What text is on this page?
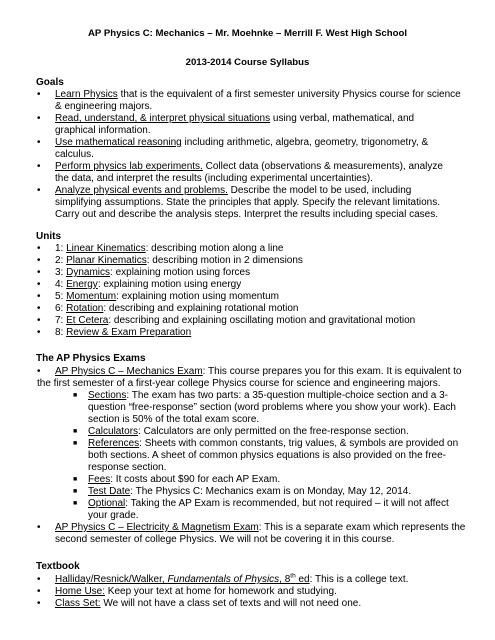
AP Physics C: Mechanics – Mr. Moehnke – Merrill F. West High School
2013-2014 Course Syllabus
Goals
• Learn Physics that is the equivalent of a first semester university Physics course for science
& engineering majors.
• Read, understand, & interpret physical situations using verbal, mathematical, and
graphical information.
• Use mathematical reasoning including arithmetic, algebra, geometry, trigonometry, &
calculus.
• Perform physics lab experiments. Collect data (observations & measurements), analyze
the data, and interpret the results (including experimental uncertainties).
• Analyze physical events and problems. Describe the model to be used, including
simplifying assumptions. State the principles that apply. Specify the relevant limitations.
Carry out and describe the analysis steps. Interpret the results including special cases.
Units
• 1: Linear Kinematics: describing motion along a line
• 2: Planar Kinematics: describing motion in 2 dimensions
• 3: Dynamics: explaining motion using forces
• 4: Energy: explaining motion using energy
• 5: Momentum: explaining motion using momentum
• 6: Rotation: describing and explaining rotational motion
• 7: Et Cetera: describing and explaining oscillating motion and gravitational motion
• 8: Review & Exam Preparation
The AP Physics Exams
• AP Physics C – Mechanics Exam: This course prepares you for this exam. It is equivalent to
the first semester of a first-year college Physics course for science and engineering majors.
■ Sections: The exam has two parts: a 35-question multiple-choice section and a 3-
question “free-response” section (word problems where you show your work). Each
section is 50% of the total exam score.
■ Calculators: Calculators are only permitted on the free-response section.
■ References: Sheets with common constants, trig values, & symbols are provided on
both sections. A sheet of common physics equations is also provided on the free-
response section.
■ Fees: It costs about $90 for each AP Exam.
■ Test Date: The Physics C: Mechanics exam is on Monday, May 12, 2014.
■ Optional: Taking the AP Exam is recommended, but not required – it will not affect
your grade.
• AP Physics C – Electricity & Magnetism Exam: This is a separate exam which represents the
second semester of college Physics. We will not be covering it in this course.
Textbook
• Halliday/Resnick/Walker, Fundamentals of Physics, 8th ed: This is a college text.
• Home Use: Keep your text at home for homework and studying.
• Class Set: We will not have a class set of texts and will not need one.
